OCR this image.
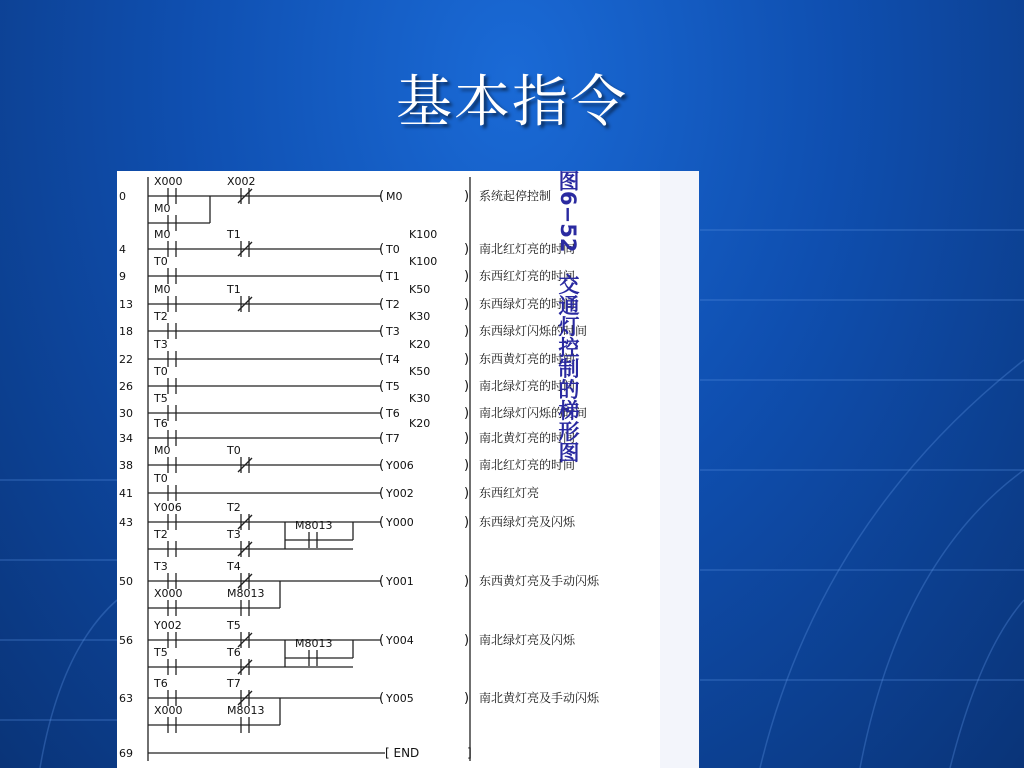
基本指令
0
X000	X002
( M0	) 系统起停控制
M0
4
M0	T1
( T0	)
K100
南北红灯亮的时间
9
T0
( T1	)
K100
东西红灯亮的时间
13
M0	T1
( T2	)
K50
东西绿灯亮的时间
18
T2
( T3	)
K30
东西绿灯闪烁的时间
22
T3
( T4	)
K20
东西黄灯亮的时间
26
T0
( T5	)
K50
南北绿灯亮的时间
30
T5
( T6	)
K30
南北绿灯闪烁的时间
34
T6
( T7	)
K20
南北黄灯亮的时间
38
M0	T0
( Y006	) 南北红灯亮的时间
41
T0
( Y002	) 东西红灯亮
43
Y006	T2
( Y000	) 东西绿灯亮及闪烁
T2	T3
M8013
50
T3	T4
( Y001	) 东西黄灯亮及手动闪烁
X000	M8013
56
Y002	T5
( Y004	) 南北绿灯亮及闪烁
T5	T6
M8013
63
T6	T7
( Y005	) 南北黄灯亮及手动闪烁
X000	M8013
69	[ END	]
图6−52　交通灯控制的梯形图
